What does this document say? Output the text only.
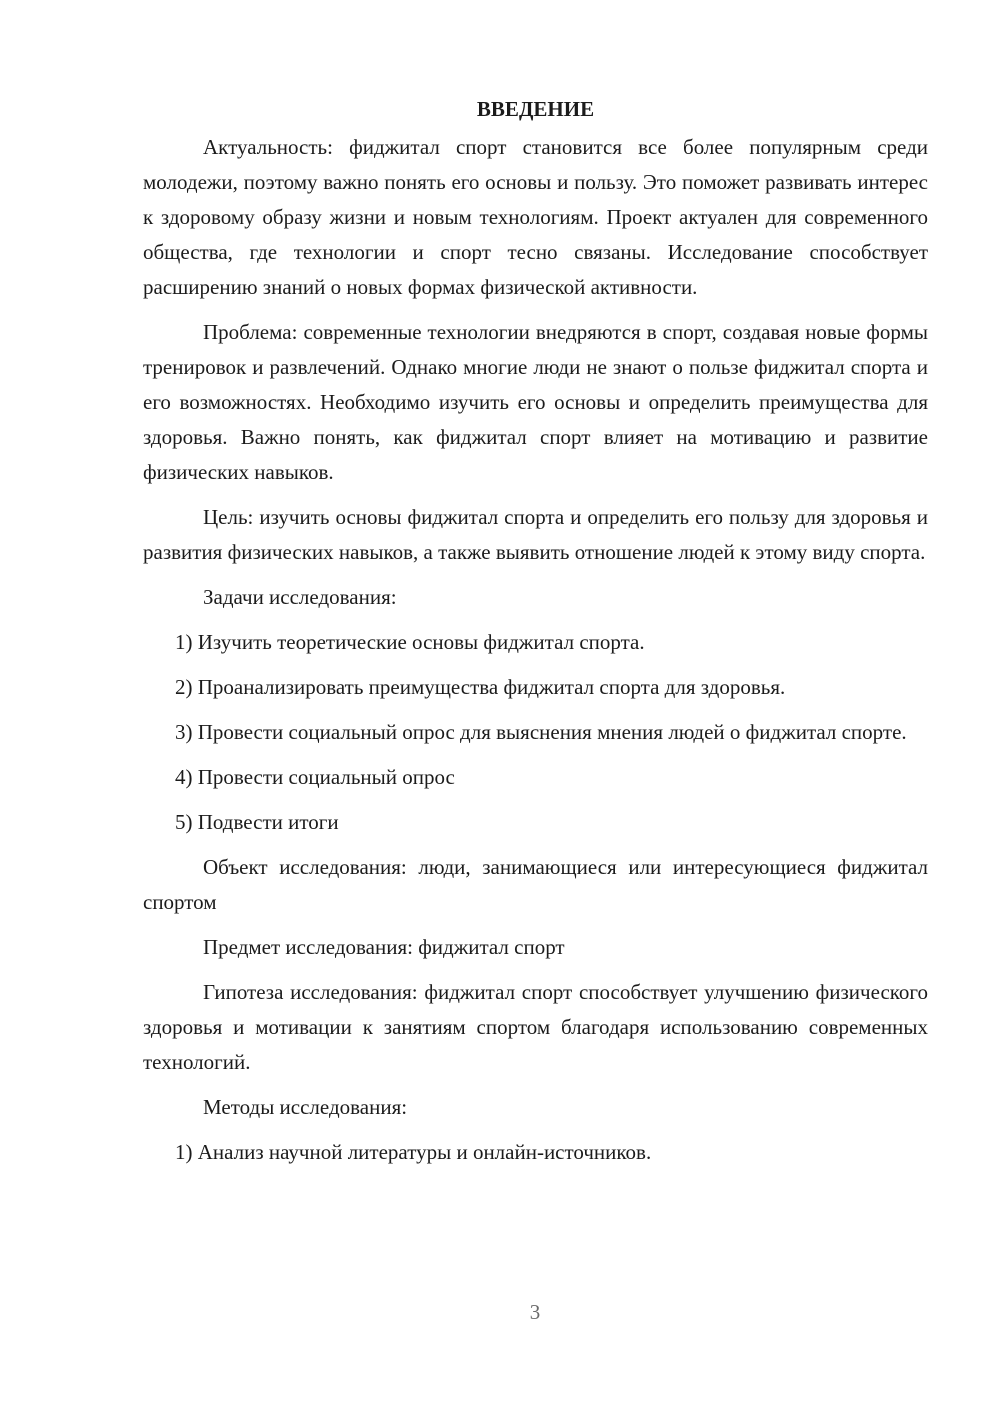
ВВЕДЕНИЕ

Актуальность: фиджитал спорт становится все более популярным среди молодежи, поэтому важно понять его основы и пользу. Это поможет развивать интерес к здоровому образу жизни и новым технологиям. Проект актуален для современного общества, где технологии и спорт тесно связаны. Исследование способствует расширению знаний о новых формах физической активности.

Проблема: современные технологии внедряются в спорт, создавая новые формы тренировок и развлечений. Однако многие люди не знают о пользе фиджитал спорта и его возможностях. Необходимо изучить его основы и определить преимущества для здоровья. Важно понять, как фиджитал спорт влияет на мотивацию и развитие физических навыков.

Цель: изучить основы фиджитал спорта и определить его пользу для здоровья и развития физических навыков, а также выявить отношение людей к этому виду спорта.

Задачи исследования:

1) Изучить теоретические основы фиджитал спорта.

2) Проанализировать преимущества фиджитал спорта для здоровья.

3) Провести социальный опрос для выяснения мнения людей о фиджитал спорте.

4) Провести социальный опрос

5) Подвести итоги

Объект исследования: люди, занимающиеся или интересующиеся фиджитал спортом

Предмет исследования: фиджитал спорт

Гипотеза исследования: фиджитал спорт способствует улучшению физического здоровья и мотивации к занятиям спортом благодаря использованию современных технологий.

Методы исследования:

1) Анализ научной литературы и онлайн-источников.

3
